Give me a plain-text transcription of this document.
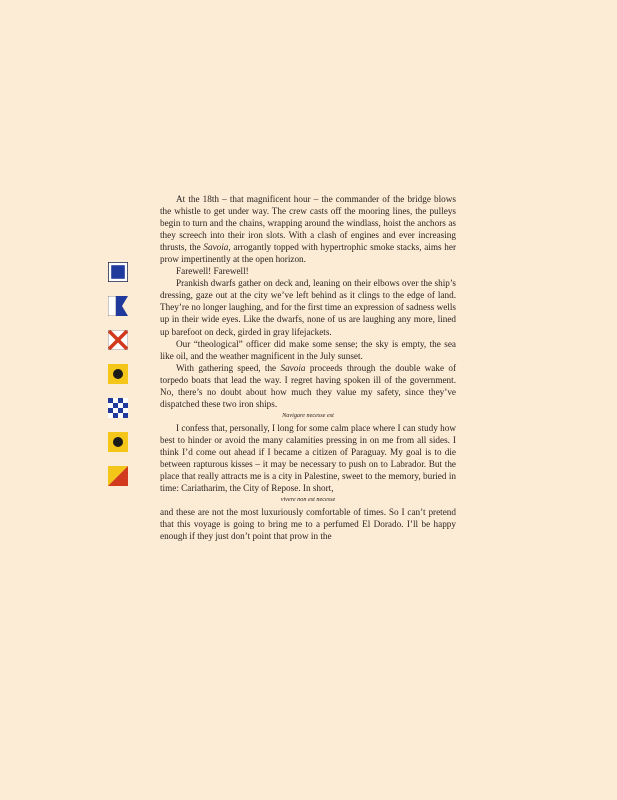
At the 18th – that magnificent hour – the commander of the bridge blows the whistle to get under way. The crew casts off the mooring lines, the pulleys begin to turn and the chains, wrapping around the windlass, hoist the anchors as they screech into their iron slots. With a clash of engines and ever increasing thrusts, the Savoia, arrogantly topped with hypertrophic smoke stacks, aims her prow impertinently at the open horizon.

Farewell! Farewell!

Prankish dwarfs gather on deck and, leaning on their elbows over the ship’s dressing, gaze out at the city we’ve left behind as it clings to the edge of land. They’re no longer laughing, and for the first time an expression of sadness wells up in their wide eyes. Like the dwarfs, none of us are laughing any more, lined up barefoot on deck, girded in gray lifejackets.

Our “theological” officer did make some sense; the sky is empty, the sea like oil, and the weather magnificent in the July sunset.

With gathering speed, the Savoia proceeds through the double wake of torpedo boats that lead the way. I regret having spoken ill of the government. No, there’s no doubt about how much they value my safety, since they’ve dispatched these two iron ships.

Navigare necesse est

I confess that, personally, I long for some calm place where I can study how best to hinder or avoid the many calamities pressing in on me from all sides. I think I’d come out ahead if I became a citizen of Paraguay. My goal is to die between rapturous kisses – it may be necessary to push on to Labrador. But the place that really attracts me is a city in Palestine, sweet to the memory, buried in time: Cariatharim, the City of Repose. In short,

vivere non est necesse

and these are not the most luxuriously comfortable of times. So I can’t pretend that this voyage is going to bring me to a perfumed El Dorado. I’ll be happy enough if they just don’t point that prow in the
